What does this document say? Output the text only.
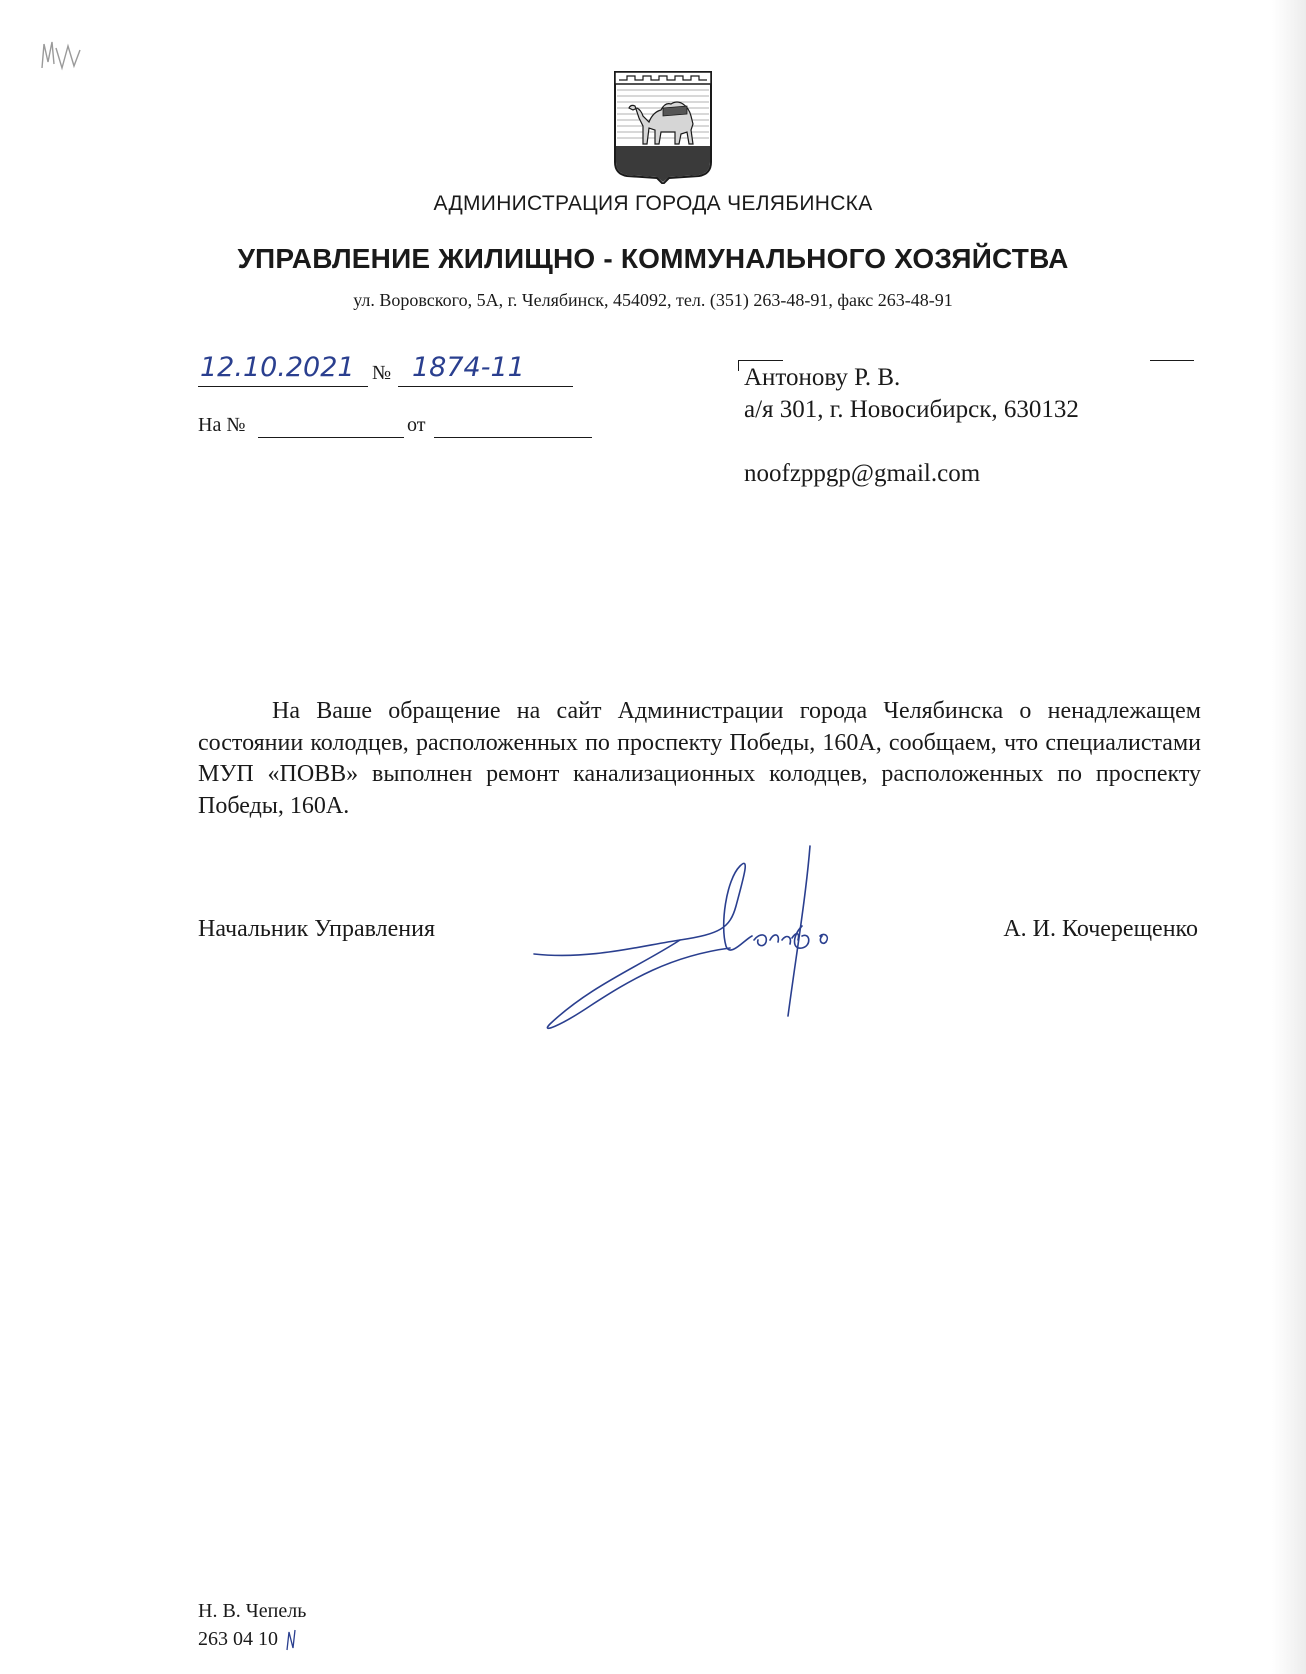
АДМИНИСТРАЦИЯ ГОРОДА ЧЕЛЯБИНСКА
УПРАВЛЕНИЕ ЖИЛИЩНО - КОММУНАЛЬНОГО ХОЗЯЙСТВА
ул. Воровского, 5А, г. Челябинск, 454092, тел. (351) 263-48-91, факс 263-48-91
12.10.2021 № 1874-11
На №	от
Антонову Р. В.
а/я 301, г. Новосибирск, 630132
noofzppgp@gmail.com
На Ваше обращение на сайт Администрации города Челябинска о ненадлежащем состоянии колодцев, расположенных по проспекту Победы, 160А, сообщаем, что специалистами МУП «ПОВВ» выполнен ремонт канализационных колодцев, расположенных по проспекту Победы, 160А.
Начальник Управления	А. И. Кочерещенко
Н. В. Чепель
263 04 10
